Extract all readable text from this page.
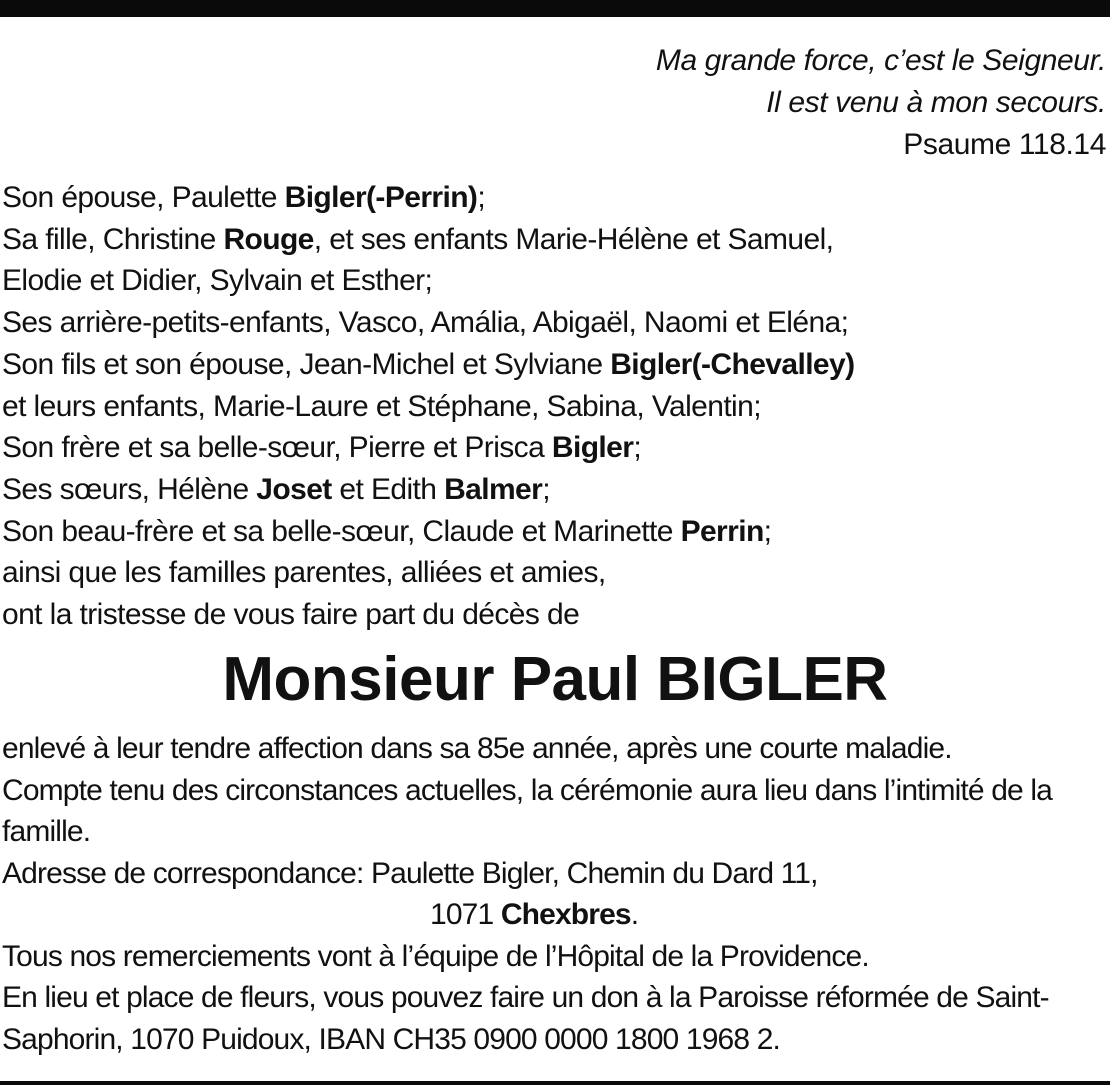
Ma grande force, c’est le Seigneur.
Il est venu à mon secours.
Psaume 118.14
Son épouse, Paulette Bigler(-Perrin);
Sa fille, Christine Rouge, et ses enfants Marie-Hélène et Samuel,
Elodie et Didier, Sylvain et Esther;
Ses arrière-petits-enfants, Vasco, Amália, Abigaël, Naomi et Eléna;
Son fils et son épouse, Jean-Michel et Sylviane Bigler(-Chevalley)
et leurs enfants, Marie-Laure et Stéphane, Sabina, Valentin;
Son frère et sa belle-sœur, Pierre et Prisca Bigler;
Ses sœurs, Hélène Joset et Edith Balmer;
Son beau-frère et sa belle-sœur, Claude et Marinette Perrin;
ainsi que les familles parentes, alliées et amies,
ont la tristesse de vous faire part du décès de
Monsieur Paul BIGLER
enlevé à leur tendre affection dans sa 85e année, après une courte maladie.
Compte tenu des circonstances actuelles, la cérémonie aura lieu dans l’intimité de la famille.
Adresse de correspondance: Paulette Bigler, Chemin du Dard 11,
1071 Chexbres.
Tous nos remerciements vont à l’équipe de l’Hôpital de la Providence.
En lieu et place de fleurs, vous pouvez faire un don à la Paroisse réformée de Saint-Saphorin, 1070 Puidoux, IBAN CH35 0900 0000 1800 1968 2.
